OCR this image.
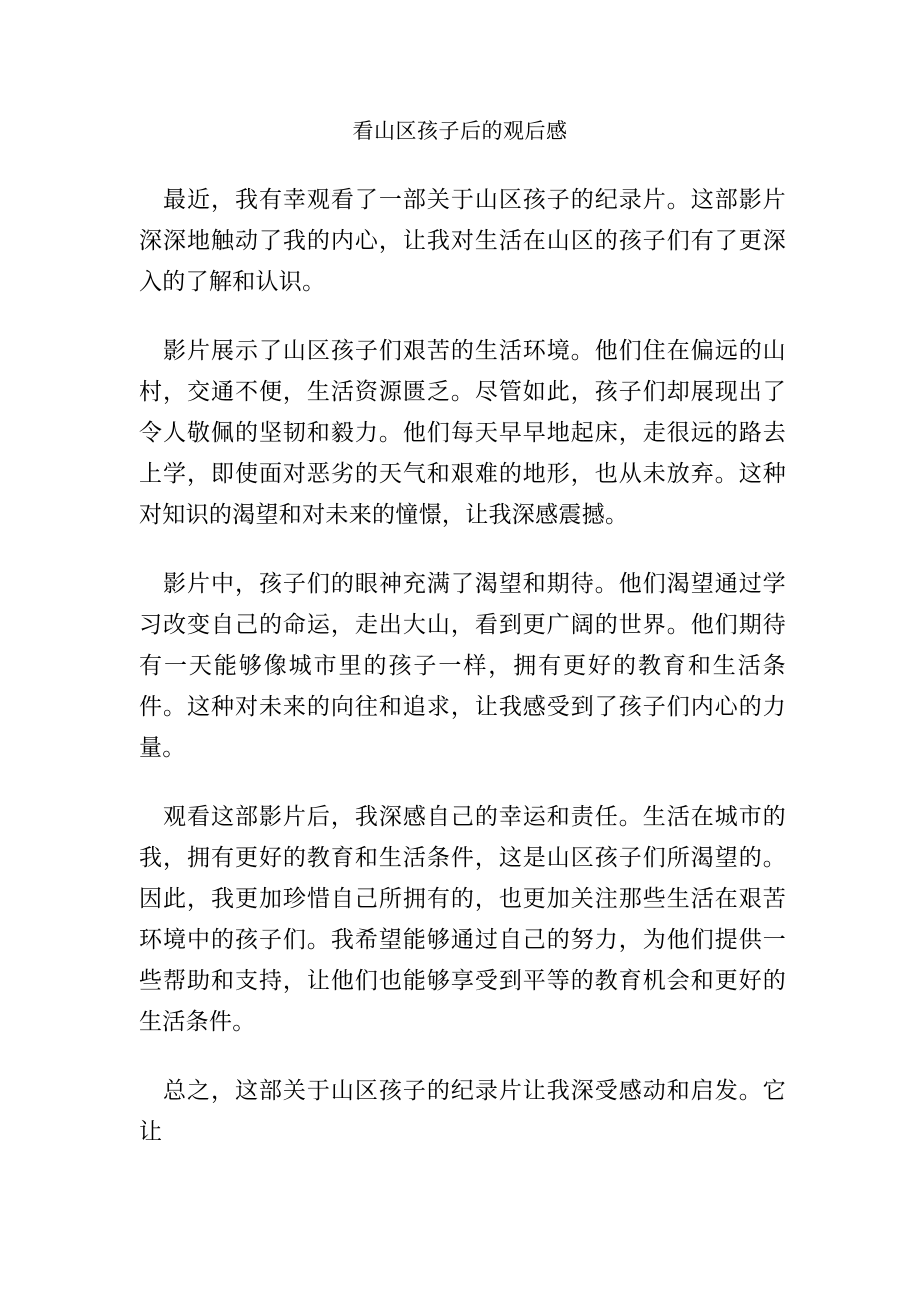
看山区孩子后的观后感

最近，我有幸观看了一部关于山区孩子的纪录片。这部影片深深地触动了我的内心，让我对生活在山区的孩子们有了更深入的了解和认识。

影片展示了山区孩子们艰苦的生活环境。他们住在偏远的山村，交通不便，生活资源匮乏。尽管如此，孩子们却展现出了令人敬佩的坚韧和毅力。他们每天早早地起床，走很远的路去上学，即使面对恶劣的天气和艰难的地形，也从未放弃。这种对知识的渴望和对未来的憧憬，让我深感震撼。

影片中，孩子们的眼神充满了渴望和期待。他们渴望通过学习改变自己的命运，走出大山，看到更广阔的世界。他们期待有一天能够像城市里的孩子一样，拥有更好的教育和生活条件。这种对未来的向往和追求，让我感受到了孩子们内心的力量。

观看这部影片后，我深感自己的幸运和责任。生活在城市的我，拥有更好的教育和生活条件，这是山区孩子们所渴望的。因此，我更加珍惜自己所拥有的，也更加关注那些生活在艰苦环境中的孩子们。我希望能够通过自己的努力，为他们提供一些帮助和支持，让他们也能够享受到平等的教育机会和更好的生活条件。

总之，这部关于山区孩子的纪录片让我深受感动和启发。它让
